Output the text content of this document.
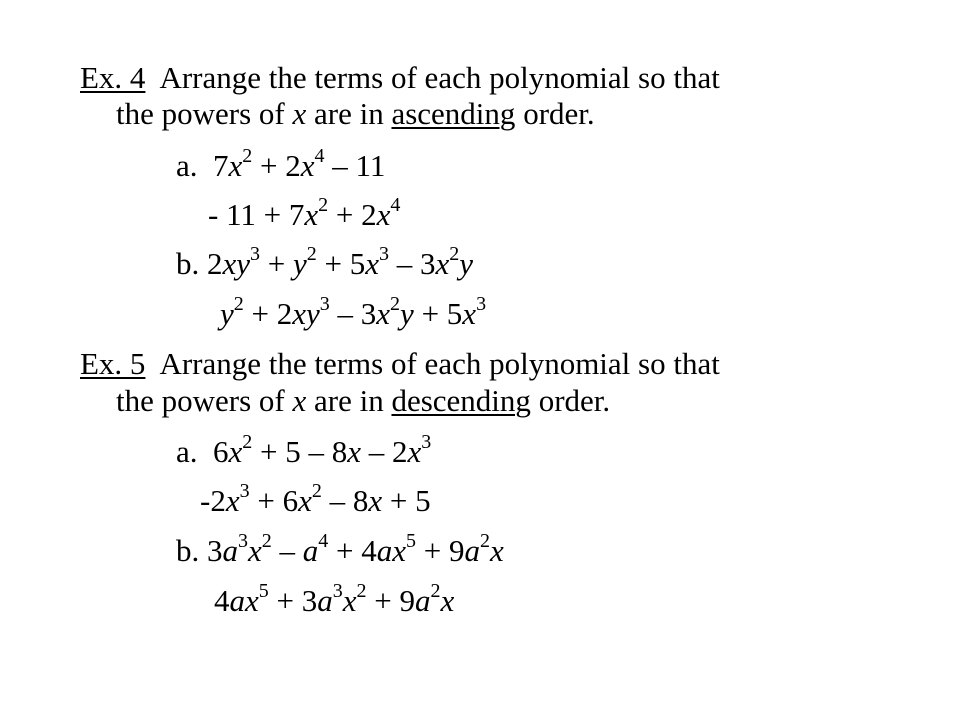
Ex. 4 Arrange the terms of each polynomial so that
the powers of x are in ascending order.
a. $7x^2 + 2x^4 - 11$
- $11 + 7x^2 + 2x^4$
b. $2xy^3 + y^2 + 5x^3 - 3x^2y$
$y^2 + 2xy^3 - 3x^2y + 5x^3$
Ex. 5 Arrange the terms of each polynomial so that
the powers of x are in descending order.
a. $6x^2 + 5 - 8x - 2x^3$
$-2x^3 + 6x^2 - 8x + 5$
b. $3a^3x^2 - a^4 + 4ax^5 + 9a^2x$
$4ax^5 + 3a^3x^2 + 9a^2x$
